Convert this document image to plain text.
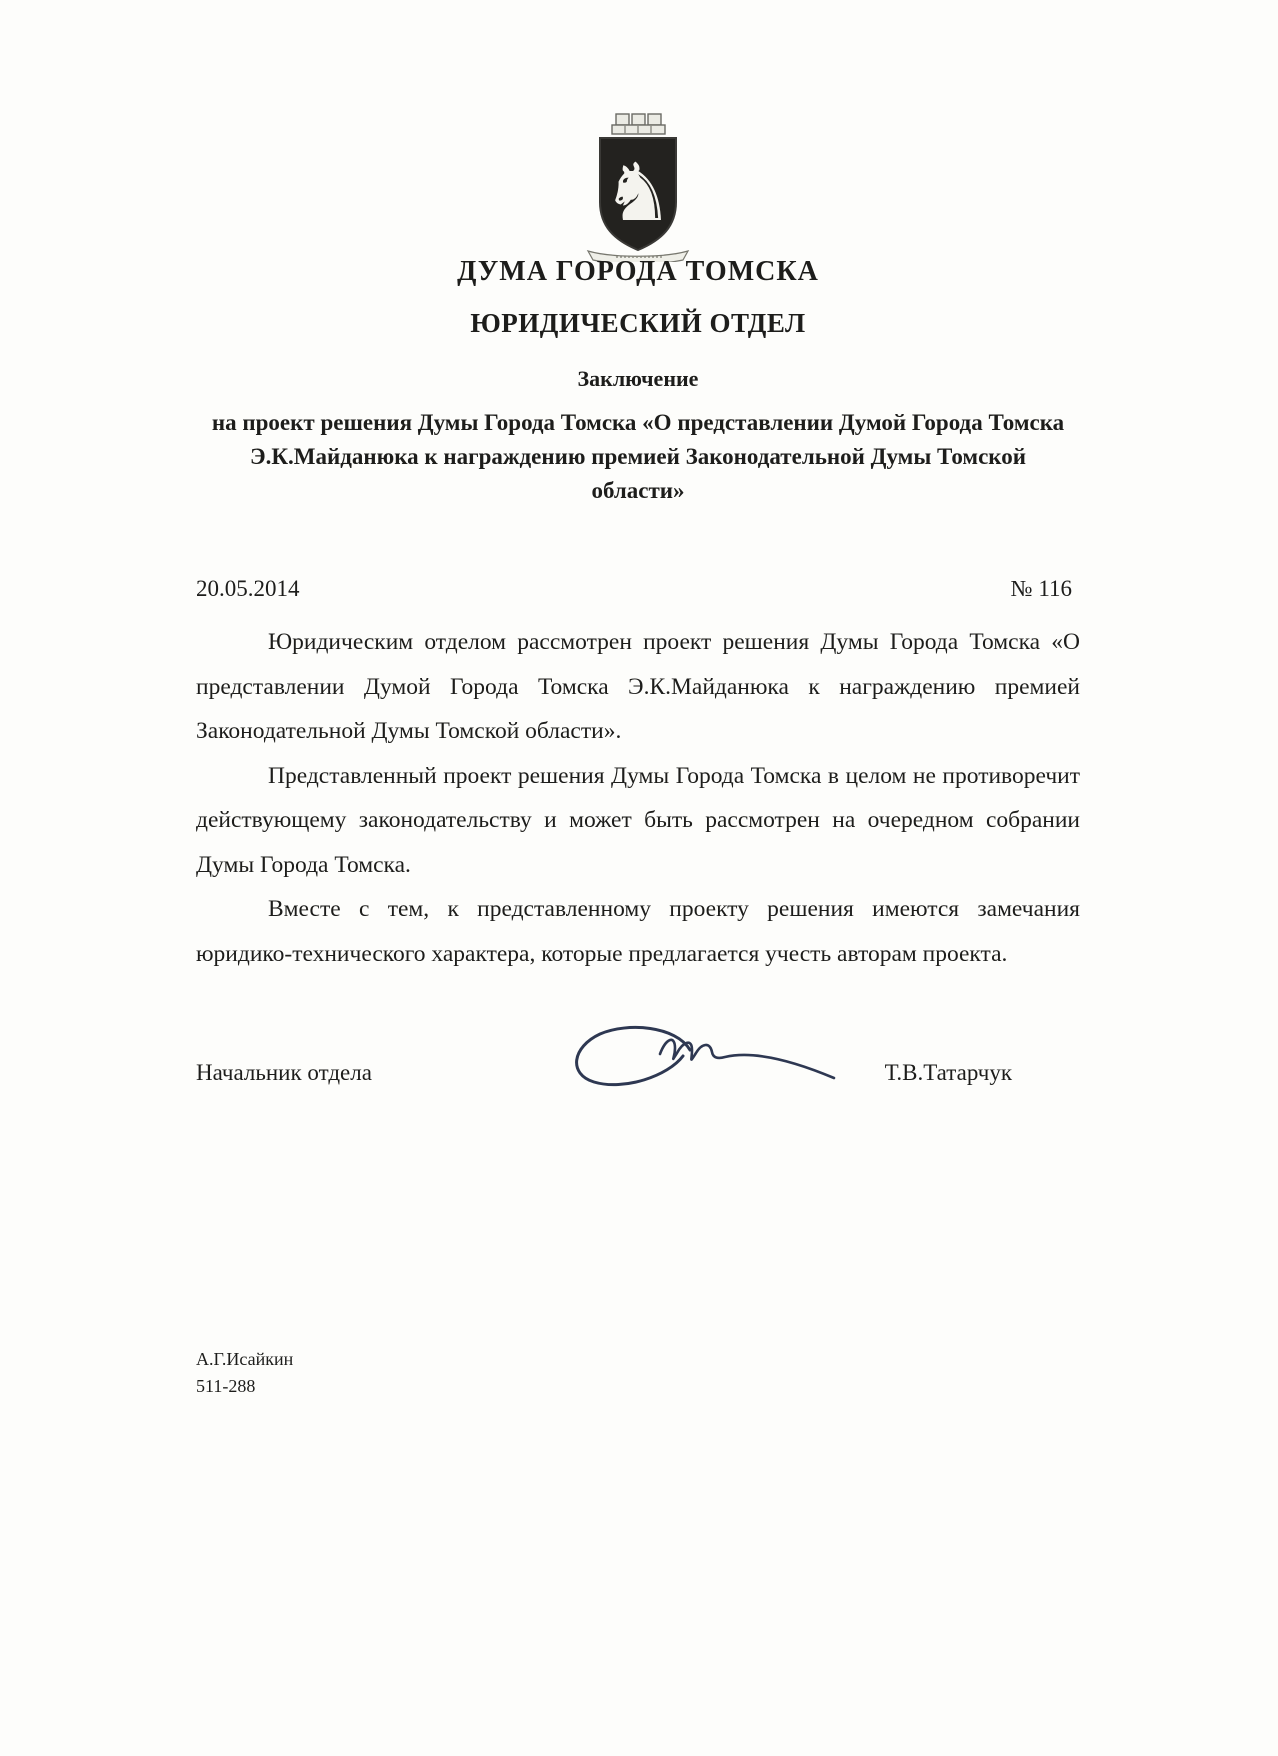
♞
ДУМА ГОРОДА ТОМСКА
ЮРИДИЧЕСКИЙ ОТДЕЛ
Заключение
на проект решения Думы Города Томска «О представлении Думой Города Томска Э.К.Майданюка к награждению премией Законодательной Думы Томской области»
20.05.2014	№ 116

Юридическим отделом рассмотрен проект решения Думы Города Томска «О представлении Думой Города Томска Э.К.Майданюка к награждению премией Законодательной Думы Томской области».

Представленный проект решения Думы Города Томска в целом не противоречит действующему законодательству и может быть рассмотрен на очередном собрании Думы Города Томска.

Вместе с тем, к представленному проекту решения имеются замечания юридико-технического характера, которые предлагается учесть авторам проекта.

Начальник отдела	Т.В.Татарчук
А.Г.Исайкин
511-288
